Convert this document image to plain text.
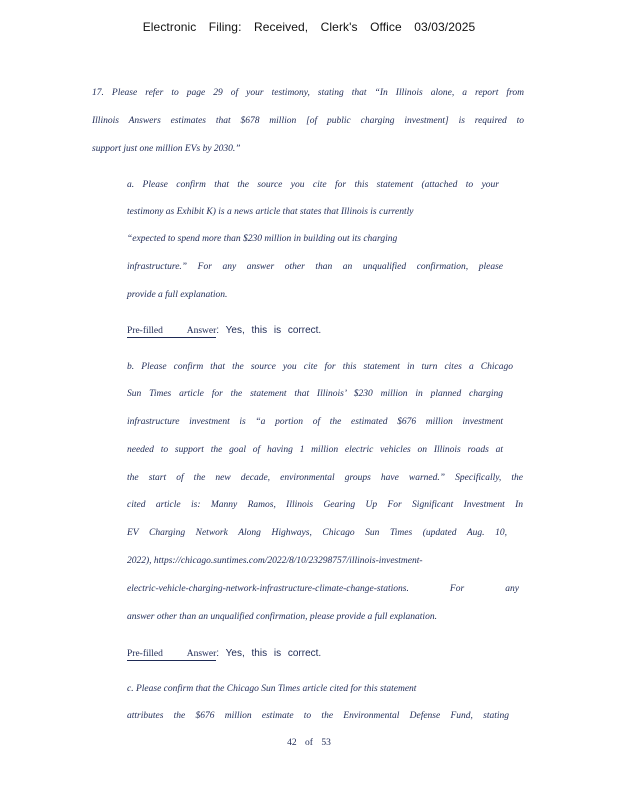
Electronic Filing: Received, Clerk's Office 03/03/2025
17. Please refer to page 29 of your testimony, stating that “In Illinois alone, a report from
Illinois Answers estimates that $678 million [of public charging investment] is required to
support just one million EVs by 2030.”
a. Please confirm that the source you cite for this statement (attached to your
testimony as Exhibit K) is a news article that states that Illinois is currently
“expected to spend more than $230 million in building out its charging
infrastructure.” For any answer other than an unqualified confirmation, please
provide a full explanation.
Pre-filled Answer: Yes, this is correct.
b. Please confirm that the source you cite for this statement in turn cites a Chicago
Sun Times article for the statement that Illinois’ $230 million in planned charging
infrastructure investment is “a portion of the estimated $676 million investment
needed to support the goal of having 1 million electric vehicles on Illinois roads at
the start of the new decade, environmental groups have warned.” Specifically, the
cited article is: Manny Ramos, Illinois Gearing Up For Significant Investment In
EV Charging Network Along Highways, Chicago Sun Times (updated Aug. 10,
2022), https://chicago.suntimes.com/2022/8/10/23298757/illinois-investment-
electric-vehicle-charging-network-infrastructure-climate-change-stations. For any
answer other than an unqualified confirmation, please provide a full explanation.
Pre-filled Answer: Yes, this is correct.
c. Please confirm that the Chicago Sun Times article cited for this statement
attributes the $676 million estimate to the Environmental Defense Fund, stating
42 of 53
